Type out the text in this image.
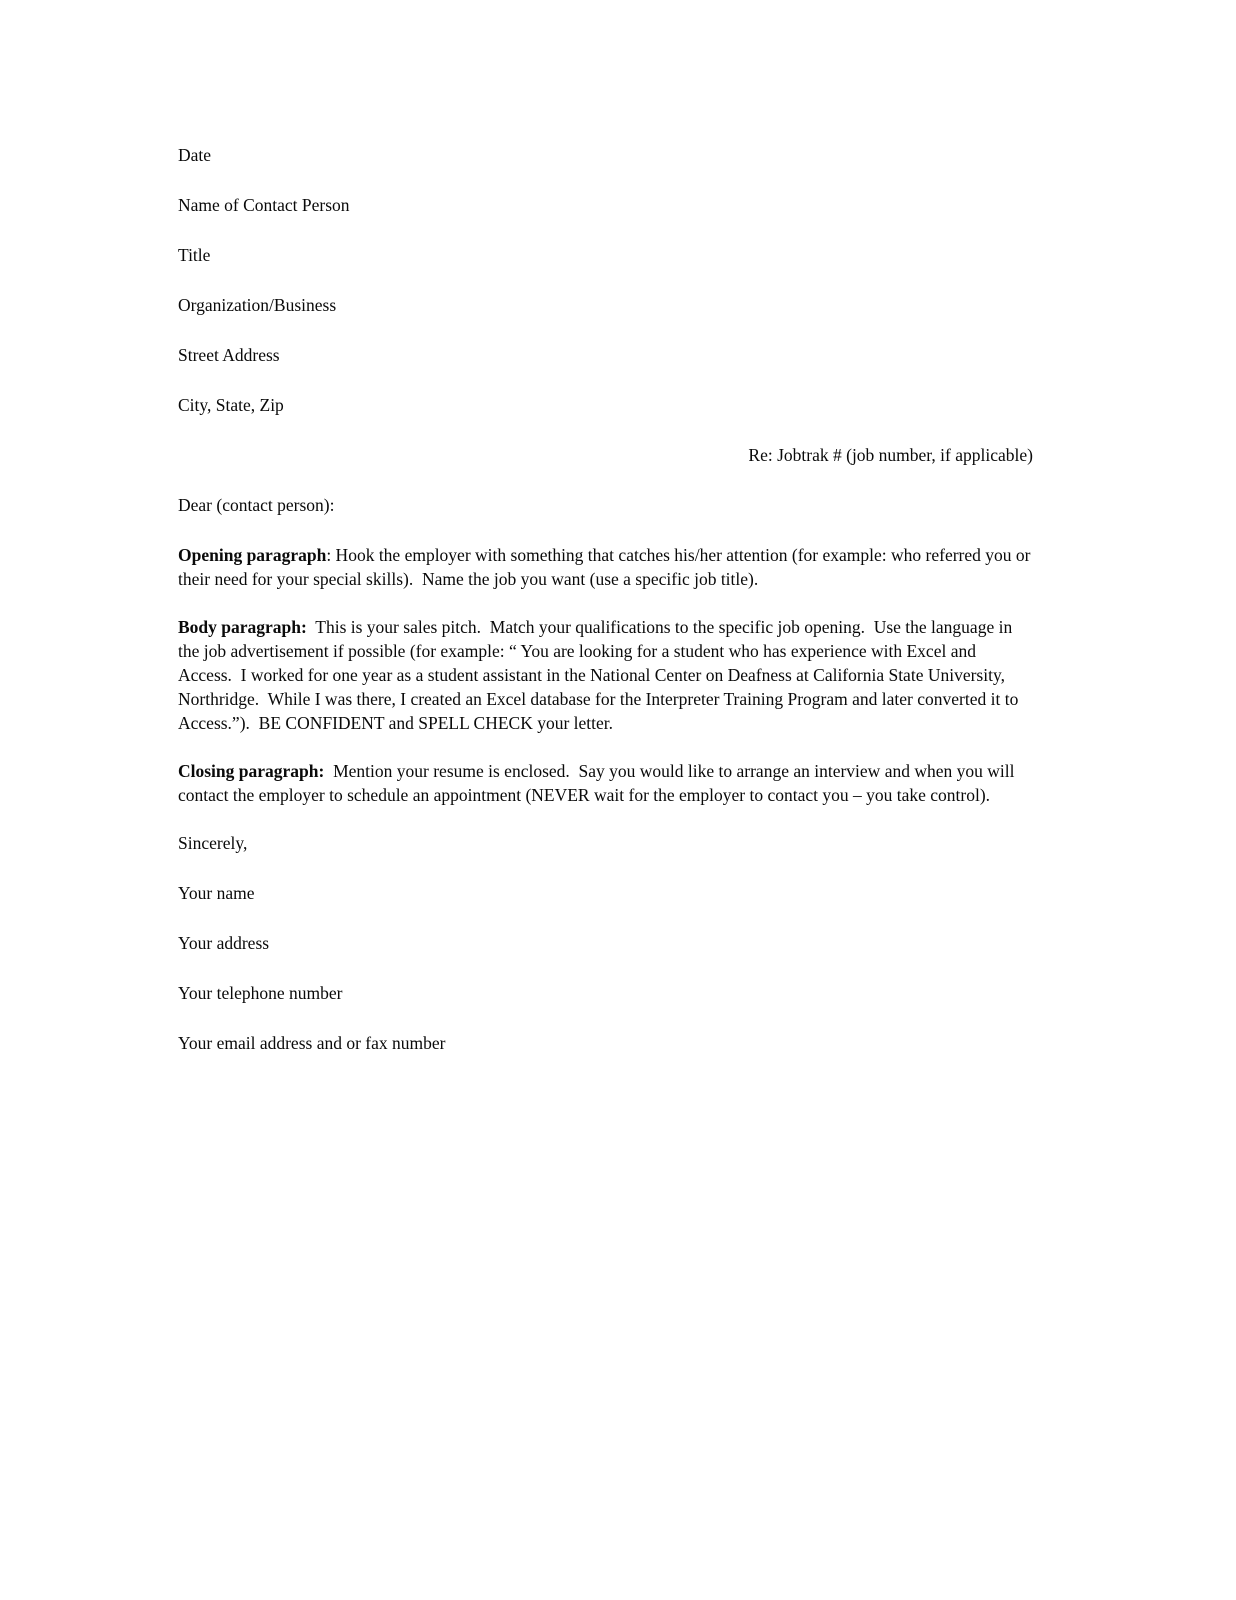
Date

Name of Contact Person

Title

Organization/Business

Street Address

City, State, Zip

Re: Jobtrak # (job number, if applicable)

Dear (contact person):

Opening paragraph: Hook the employer with something that catches his/her attention (for example: who referred you or their need for your special skills).  Name the job you want (use a specific job title).

Body paragraph:  This is your sales pitch.  Match your qualifications to the specific job opening.  Use the language in the job advertisement if possible (for example: “ You are looking for a student who has experience with Excel and Access.  I worked for one year as a student assistant in the National Center on Deafness at California State University, Northridge.  While I was there, I created an Excel database for the Interpreter Training Program and later converted it to Access.”).  BE CONFIDENT and SPELL CHECK your letter.

Closing paragraph:  Mention your resume is enclosed.  Say you would like to arrange an interview and when you will contact the employer to schedule an appointment (NEVER wait for the employer to contact you – you take control).

Sincerely,

Your name

Your address

Your telephone number

Your email address and or fax number
